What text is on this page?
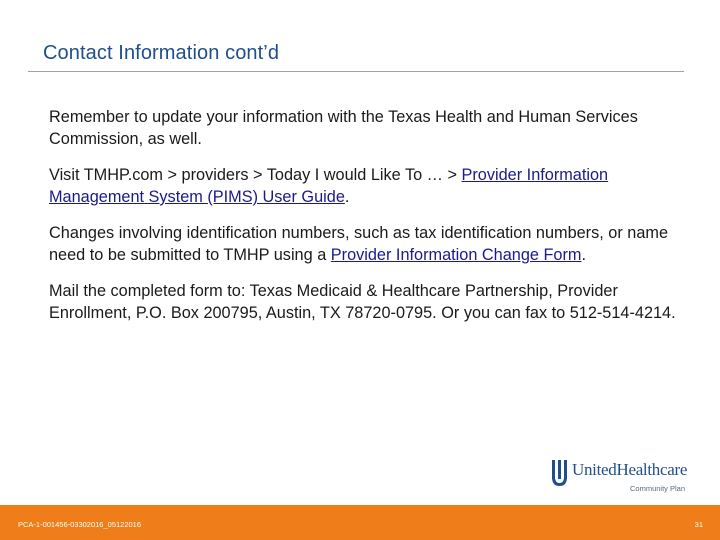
Contact Information cont’d

Remember to update your information with the Texas Health and Human Services Commission, as well.

Visit TMHP.com > providers > Today I would Like To … > Provider Information Management System (PIMS) User Guide.

Changes involving identification numbers, such as tax identification numbers, or name need to be submitted to TMHP using a Provider Information Change Form.

Mail the completed form to: Texas Medicaid & Healthcare Partnership, Provider Enrollment, P.O. Box 200795, Austin, TX 78720-0795. Or you can fax to 512-514-4214.

UnitedHealthcare
Community Plan
PCA-1-001456-03302016_05122016	31
